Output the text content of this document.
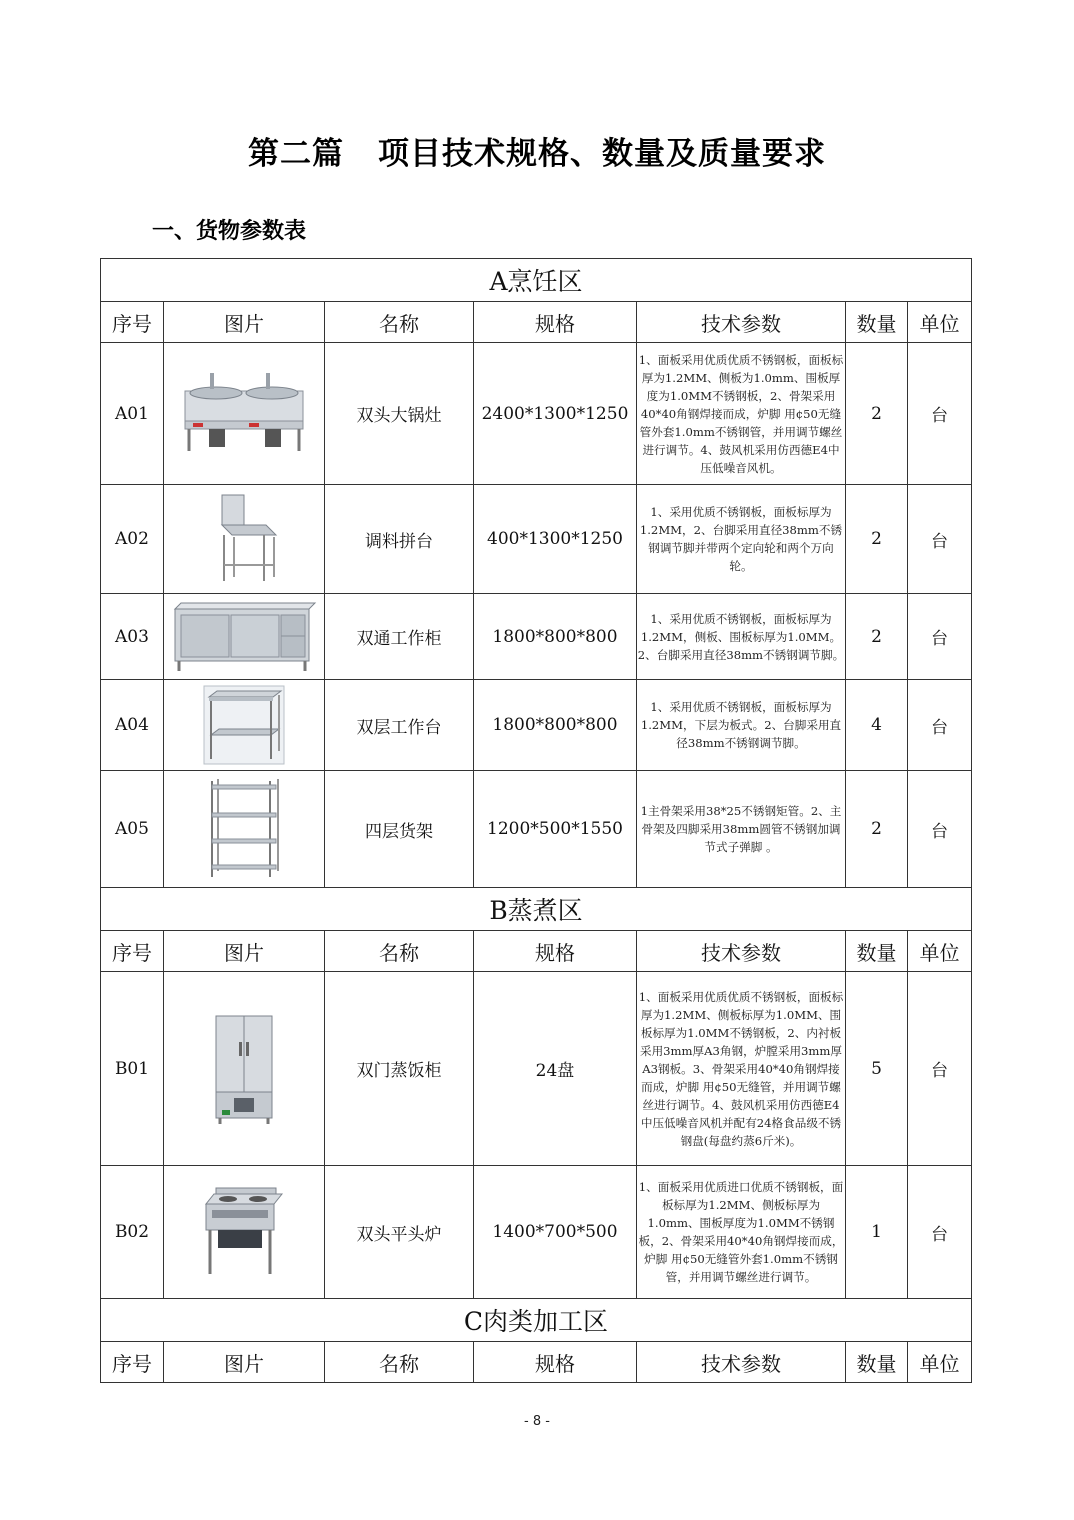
第二篇 项目技术规格、数量及质量要求
一、货物参数表
A烹饪区						
序号	图片	名称	规格	技术参数	数量	单位
A01		双头大锅灶	2400*1300*1250	1、面板采用优质优质不锈钢板，面板标厚为1.2MM、侧板为1.0mm、围板厚度为1.0MM不锈钢板，2、骨架采用40*40角钢焊接而成，炉脚 用¢50无缝管外套1.0mm不锈钢管，并用调节螺丝进行调节。4、鼓风机采用仿西德E4中压低噪音风机。	2	台
A02		调料拼台	400*1300*1250	1、采用优质不锈钢板，面板标厚为1.2MM，2、台脚采用直径38mm不锈钢调节脚并带两个定向轮和两个万向轮。	2	台
A03		双通工作柜	1800*800*800	1、采用优质不锈钢板，面板标厚为1.2MM，侧板、围板标厚为1.0MM。2、台脚采用直径38mm不锈钢调节脚。	2	台
A04		双层工作台	1800*800*800	1、采用优质不锈钢板，面板标厚为1.2MM，下层为板式。2、台脚采用直径38mm不锈钢调节脚。	4	台
A05		四层货架	1200*500*1550	1主骨架采用38*25不锈钢矩管。2、主骨架及四脚采用38mm圆管不锈钢加调节式子弹脚 。	2	台
B蒸煮区						
序号	图片	名称	规格	技术参数	数量	单位
B01		双门蒸饭柜	24盘	1、面板采用优质优质不锈钢板，面板标厚为1.2MM、侧板标厚为1.0MM、围板标厚为1.0MM不锈钢板，2、内衬板采用3mm厚A3角钢，炉膛采用3mm厚A3钢板。3、骨架采用40*40角钢焊接而成，炉脚 用¢50无缝管，并用调节螺丝进行调节。4、鼓风机采用仿西德E4中压低噪音风机并配有24格食品级不锈钢盘(每盘约蒸6斤米)。	5	台
B02		双头平头炉	1400*700*500	1、面板采用优质进口优质不锈钢板，面板标厚为1.2MM、侧板标厚为1.0mm、围板厚度为1.0MM不锈钢板，2、骨架采用40*40角钢焊接而成，炉脚 用¢50无缝管外套1.0mm不锈钢管，并用调节螺丝进行调节。	1	台
C肉类加工区						
序号	图片	名称	规格	技术参数	数量	单位
- 8 -
